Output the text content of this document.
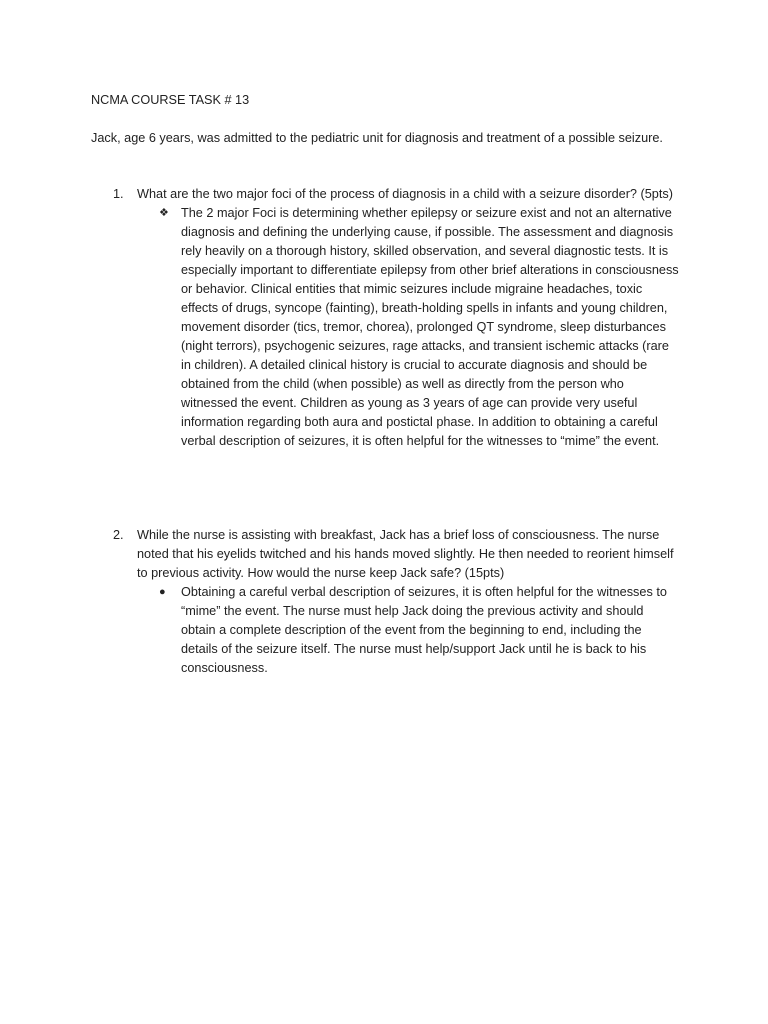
NCMA COURSE TASK # 13

Jack, age 6 years, was admitted to the pediatric unit for diagnosis and treatment of a possible seizure.

1. What are the two major foci of the process of diagnosis in a child with a seizure disorder? (5pts)

❖ The 2 major Foci is determining whether epilepsy or seizure exist and not an alternative diagnosis and defining the underlying cause, if possible. The assessment and diagnosis rely heavily on a thorough history, skilled observation, and several diagnostic tests. It is especially important to differentiate epilepsy from other brief alterations in consciousness or behavior. Clinical entities that mimic seizures include migraine headaches, toxic effects of drugs, syncope (fainting), breath-holding spells in infants and young children, movement disorder (tics, tremor, chorea), prolonged QT syndrome, sleep disturbances (night terrors), psychogenic seizures, rage attacks, and transient ischemic attacks (rare in children). A detailed clinical history is crucial to accurate diagnosis and should be obtained from the child (when possible) as well as directly from the person who witnessed the event. Children as young as 3 years of age can provide very useful information regarding both aura and postictal phase. In addition to obtaining a careful verbal description of seizures, it is often helpful for the witnesses to “mime” the event.

2. While the nurse is assisting with breakfast, Jack has a brief loss of consciousness. The nurse noted that his eyelids twitched and his hands moved slightly. He then needed to reorient himself to previous activity. How would the nurse keep Jack safe? (15pts)

● Obtaining a careful verbal description of seizures, it is often helpful for the witnesses to “mime” the event. The nurse must help Jack doing the previous activity and should obtain a complete description of the event from the beginning to end, including the details of the seizure itself. The nurse must help/support Jack until he is back to his consciousness.
